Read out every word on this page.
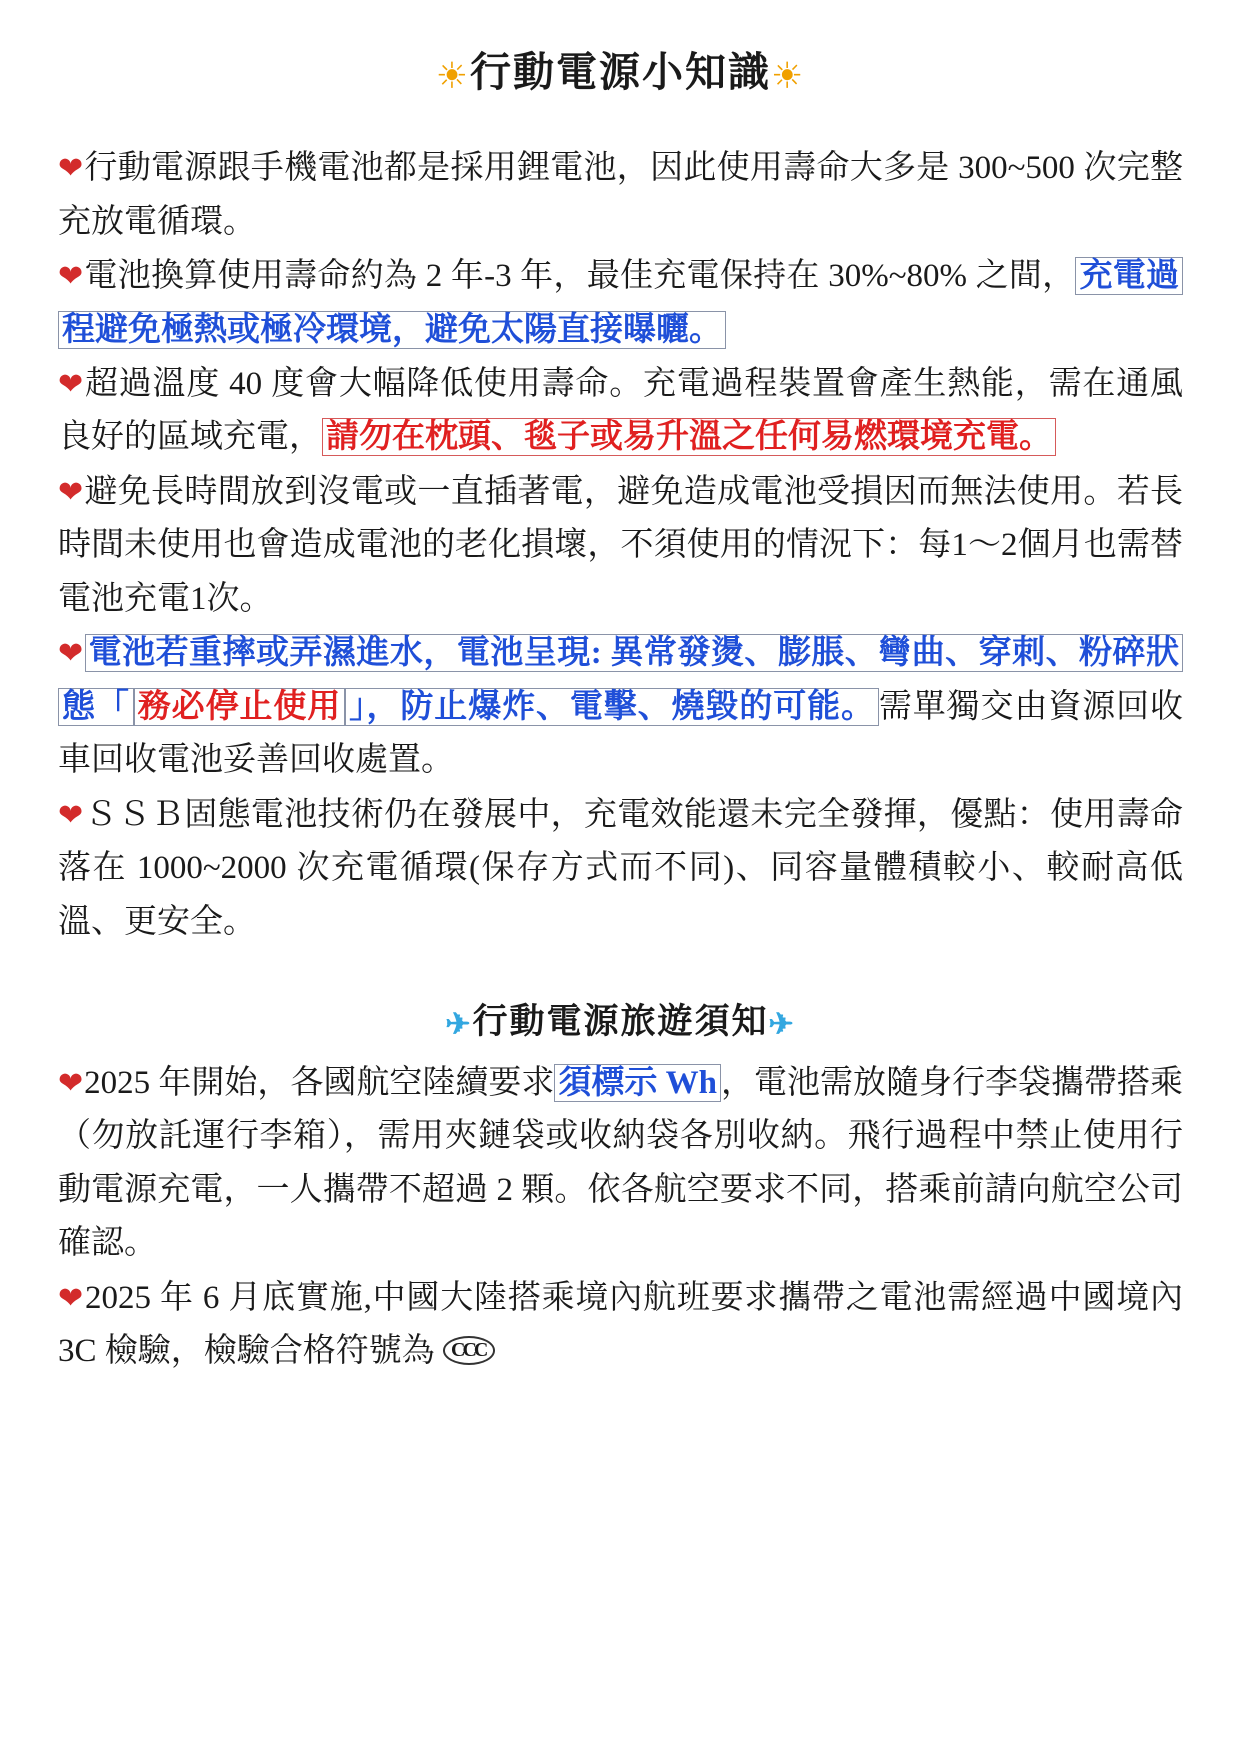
☀行動電源小知識☀

❤行動電源跟手機電池都是採用鋰電池，因此使用壽命大多是 300~500 次完整充放電循環。

❤電池換算使用壽命約為 2 年-3 年，最佳充電保持在 30%~80% 之間， 充電過程避免極熱或極冷環境，避免太陽直接曝曬。

❤超過溫度 40 度會大幅降低使用壽命。充電過程裝置會產生熱能，需在通風良好的區域充電， 請勿在枕頭、毯子或易升溫之任何易燃環境充電。

❤避免長時間放到沒電或一直插著電，避免造成電池受損因而無法使用。若長時間未使用也會造成電池的老化損壞，不須使用的情況下：每1～2個月也需替電池充電1次。

❤ 電池若重摔或弄濕進水，電池呈現: 異常發燙、膨脹、彎曲、穿刺、粉碎狀態「 務必停止使用 」，防止爆炸、電擊、燒毀的可能。 需單獨交由資源回收車回收電池妥善回收處置。

❤ＳＳＢ固態電池技術仍在發展中，充電效能還未完全發揮，優點：使用壽命落在 1000~2000 次充電循環(保存方式而不同)、同容量體積較小、較耐高低溫、更安全。

✈行動電源旅遊須知✈

❤2025 年開始，各國航空陸續要求 須標示 Wh ，電池需放隨身行李袋攜帶搭乘（勿放託運行李箱），需用夾鏈袋或收納袋各別收納。飛行過程中禁止使用行動電源充電，一人攜帶不超過 2 顆。依各航空要求不同，搭乘前請向航空公司確認。

❤2025 年 6 月底實施,中國大陸搭乘境內航班要求攜帶之電池需經過中國境內 3C 檢驗，檢驗合格符號為 CCC
